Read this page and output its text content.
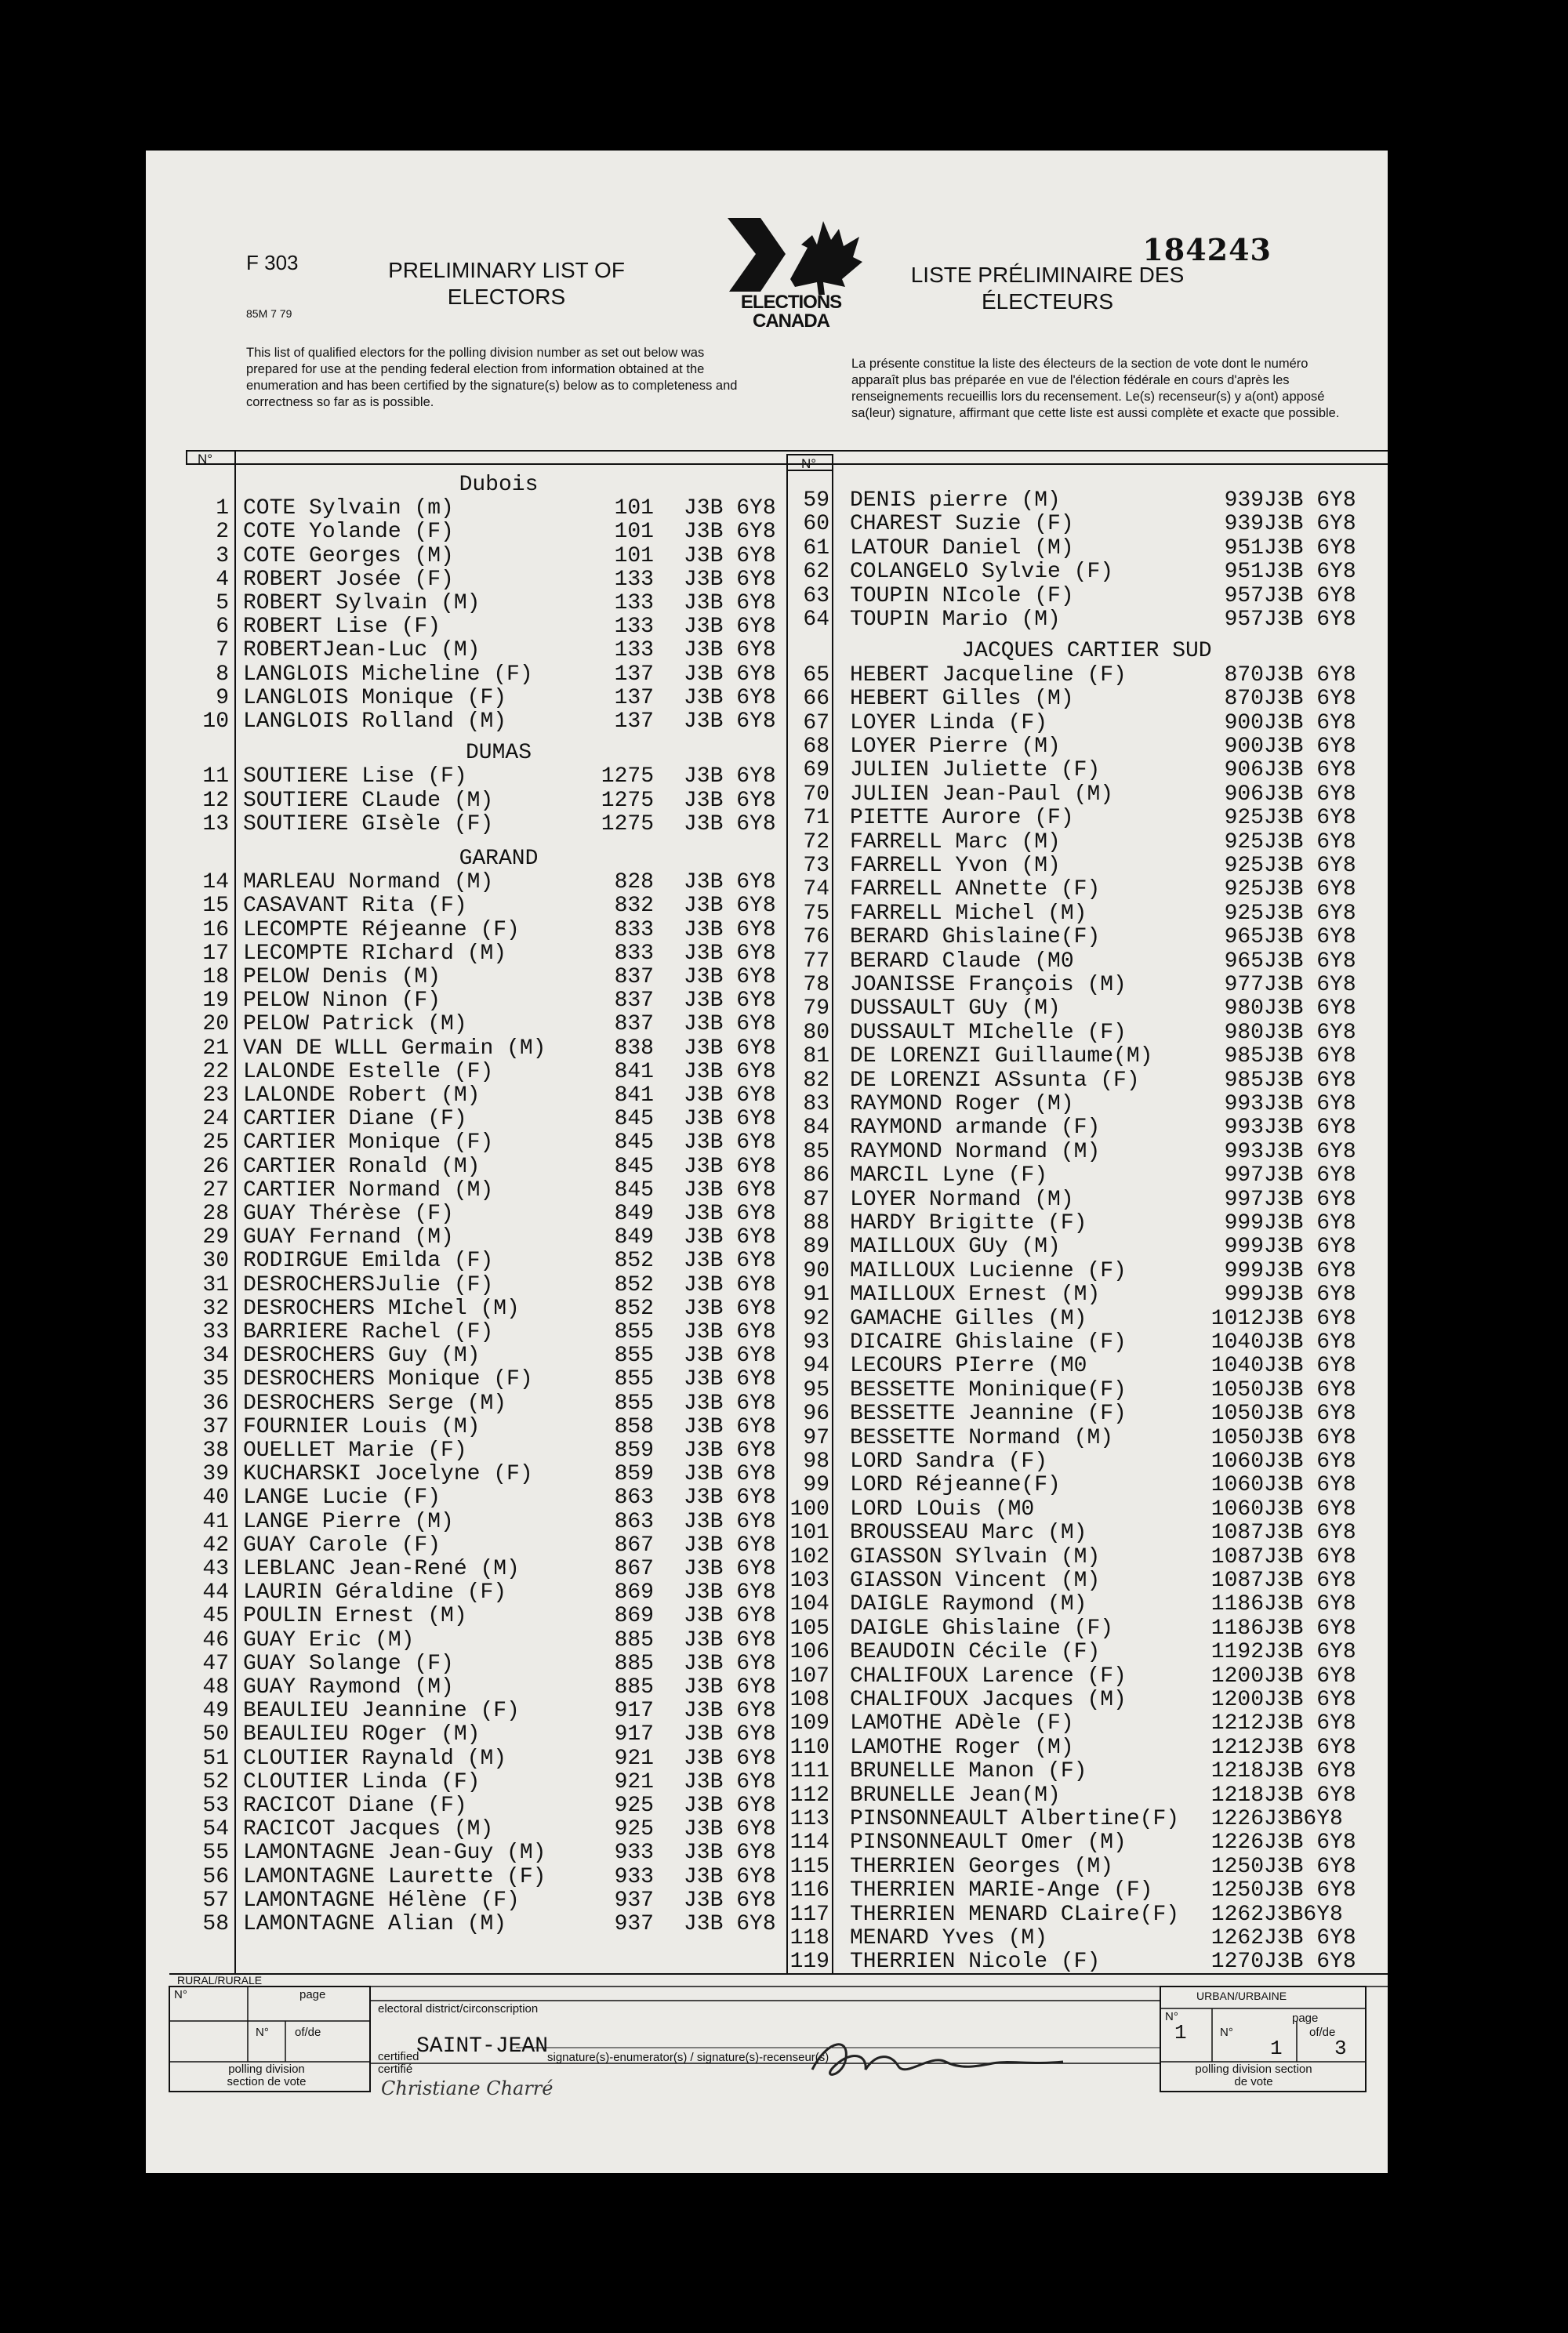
F 303
85M 7 79
PRELIMINARY LIST OF ELECTORS
LISTE PRÉLIMINAIRE DES ÉLECTEURS
184243
ELECTIONS
CANADA
This list of qualified electors for the polling division number as set out below was prepared for use at the pending federal election from information obtained at the enumeration and has been certified by the signature(s) below as to completeness and correctness so far as is possible.
La présente constitue la liste des électeurs de la section de vote dont le numéro apparaît plus bas préparée en vue de l'élection fédérale en cours d'après les renseignements recueillis lors du recensement. Le(s) recenseur(s) y a(ont) apposé sa(leur) signature, affirmant que cette liste est aussi complète et exacte que possible.
N°	N°
Dubois
1 COTE Sylvain (m)	101 J3B 6Y8
2 COTE Yolande (F)	101 J3B 6Y8
3 COTE Georges (M)	101 J3B 6Y8
4 ROBERT Josée (F)	133 J3B 6Y8
5 ROBERT Sylvain (M)	133 J3B 6Y8
6 ROBERT Lise (F)	133 J3B 6Y8
7 ROBERTJean-Luc (M)	133 J3B 6Y8
8 LANGLOIS Micheline (F)	137 J3B 6Y8
9 LANGLOIS Monique (F)	137 J3B 6Y8
10 LANGLOIS Rolland (M)	137 J3B 6Y8
DUMAS
11 SOUTIERE Lise (F)	1275 J3B 6Y8
12 SOUTIERE CLaude (M)	1275 J3B 6Y8
13 SOUTIERE GIsèle (F)	1275 J3B 6Y8
GARAND
14 MARLEAU Normand (M)	828 J3B 6Y8
15 CASAVANT Rita (F)	832 J3B 6Y8
16 LECOMPTE Réjeanne (F)	833 J3B 6Y8
17 LECOMPTE RIchard (M)	833 J3B 6Y8
18 PELOW Denis (M)	837 J3B 6Y8
19 PELOW Ninon (F)	837 J3B 6Y8
20 PELOW Patrick (M)	837 J3B 6Y8
21 VAN DE WLLL Germain (M)	838 J3B 6Y8
22 LALONDE Estelle (F)	841 J3B 6Y8
23 LALONDE Robert (M)	841 J3B 6Y8
24 CARTIER Diane (F)	845 J3B 6Y8
25 CARTIER Monique (F)	845 J3B 6Y8
26 CARTIER Ronald (M)	845 J3B 6Y8
27 CARTIER Normand (M)	845 J3B 6Y8
28 GUAY Thérèse (F)	849 J3B 6Y8
29 GUAY Fernand (M)	849 J3B 6Y8
30 RODIRGUE Emilda (F)	852 J3B 6Y8
31 DESROCHERSJulie (F)	852 J3B 6Y8
32 DESROCHERS MIchel (M)	852 J3B 6Y8
33 BARRIERE Rachel (F)	855 J3B 6Y8
34 DESROCHERS Guy (M)	855 J3B 6Y8
35 DESROCHERS Monique (F)	855 J3B 6Y8
36 DESROCHERS Serge (M)	855 J3B 6Y8
37 FOURNIER Louis (M)	858 J3B 6Y8
38 OUELLET Marie (F)	859 J3B 6Y8
39 KUCHARSKI Jocelyne (F)	859 J3B 6Y8
40 LANGE Lucie (F)	863 J3B 6Y8
41 LANGE Pierre (M)	863 J3B 6Y8
42 GUAY Carole (F)	867 J3B 6Y8
43 LEBLANC Jean-René (M)	867 J3B 6Y8
44 LAURIN Géraldine (F)	869 J3B 6Y8
45 POULIN Ernest (M)	869 J3B 6Y8
46 GUAY Eric (M)	885 J3B 6Y8
47 GUAY Solange (F)	885 J3B 6Y8
48 GUAY Raymond (M)	885 J3B 6Y8
49 BEAULIEU Jeannine (F)	917 J3B 6Y8
50 BEAULIEU ROger (M)	917 J3B 6Y8
51 CLOUTIER Raynald (M)	921 J3B 6Y8
52 CLOUTIER Linda (F)	921 J3B 6Y8
53 RACICOT Diane (F)	925 J3B 6Y8
54 RACICOT Jacques (M)	925 J3B 6Y8
55 LAMONTAGNE Jean-Guy (M)	933 J3B 6Y8
56 LAMONTAGNE Laurette (F)	933 J3B 6Y8
57 LAMONTAGNE Hélène (F)	937 J3B 6Y8
58 LAMONTAGNE Alian (M)	937 J3B 6Y8
59 DENIS pierre (M)	939 J3B 6Y8
60 CHAREST Suzie (F)	939 J3B 6Y8
61 LATOUR Daniel (M)	951 J3B 6Y8
62 COLANGELO Sylvie (F)	951 J3B 6Y8
63 TOUPIN NIcole (F)	957 J3B 6Y8
64 TOUPIN Mario (M)	957 J3B 6Y8
JACQUES CARTIER SUD
65 HEBERT Jacqueline (F)	870 J3B 6Y8
66 HEBERT Gilles (M)	870 J3B 6Y8
67 LOYER Linda (F)	900 J3B 6Y8
68 LOYER Pierre (M)	900 J3B 6Y8
69 JULIEN Juliette (F)	906 J3B 6Y8
70 JULIEN Jean-Paul (M)	906 J3B 6Y8
71 PIETTE Aurore (F)	925 J3B 6Y8
72 FARRELL Marc (M)	925 J3B 6Y8
73 FARRELL Yvon (M)	925 J3B 6Y8
74 FARRELL ANnette (F)	925 J3B 6Y8
75 FARRELL Michel (M)	925 J3B 6Y8
76 BERARD Ghislaine(F)	965 J3B 6Y8
77 BERARD Claude (M0	965 J3B 6Y8
78 JOANISSE François (M)	977 J3B 6Y8
79 DUSSAULT GUy (M)	980 J3B 6Y8
80 DUSSAULT MIchelle (F)	980 J3B 6Y8
81 DE LORENZI Guillaume(M)	985 J3B 6Y8
82 DE LORENZI ASsunta (F)	985 J3B 6Y8
83 RAYMOND Roger (M)	993 J3B 6Y8
84 RAYMOND armande (F)	993 J3B 6Y8
85 RAYMOND Normand (M)	993 J3B 6Y8
86 MARCIL Lyne (F)	997 J3B 6Y8
87 LOYER Normand (M)	997 J3B 6Y8
88 HARDY Brigitte (F)	999 J3B 6Y8
89 MAILLOUX GUy (M)	999 J3B 6Y8
90 MAILLOUX Lucienne (F)	999 J3B 6Y8
91 MAILLOUX Ernest (M)	999 J3B 6Y8
92 GAMACHE Gilles (M)	1012 J3B 6Y8
93 DICAIRE Ghislaine (F)	1040 J3B 6Y8
94 LECOURS PIerre (M0	1040 J3B 6Y8
95 BESSETTE Moninique(F)	1050 J3B 6Y8
96 BESSETTE Jeannine (F)	1050 J3B 6Y8
97 BESSETTE Normand (M)	1050 J3B 6Y8
98 LORD Sandra (F)	1060 J3B 6Y8
99 LORD Réjeanne(F)	1060 J3B 6Y8
100 LORD LOuis (M0	1060 J3B 6Y8
101 BROUSSEAU Marc (M)	1087 J3B 6Y8
102 GIASSON SYlvain (M)	1087 J3B 6Y8
103 GIASSON Vincent (M)	1087 J3B 6Y8
104 DAIGLE Raymond (M)	1186 J3B 6Y8
105 DAIGLE Ghislaine (F)	1186 J3B 6Y8
106 BEAUDOIN Cécile (F)	1192 J3B 6Y8
107 CHALIFOUX Larence (F)	1200 J3B 6Y8
108 CHALIFOUX Jacques (M)	1200 J3B 6Y8
109 LAMOTHE ADèle (F)	1212 J3B 6Y8
110 LAMOTHE Roger (M)	1212 J3B 6Y8
111 BRUNELLE Manon (F)	1218 J3B 6Y8
112 BRUNELLE Jean(M)	1218 J3B 6Y8
113 PINSONNEAULT Albertine(F)	1226 J3B6Y8
114 PINSONNEAULT Omer (M)	1226 J3B 6Y8
115 THERRIEN Georges (M)	1250 J3B 6Y8
116 THERRIEN MARIE-Ange (F)	1250 J3B 6Y8
117 THERRIEN MENARD CLaire(F)	1262 J3B6Y8
118 MENARD Yves (M)	1262 J3B 6Y8
119 THERRIEN Nicole (F)	1270 J3B 6Y8
RURAL/RURALE
N°	page
N° of/de
polling division section de vote
electoral district/circonscription
SAINT-JEAN
certified certifié
signature(s)-enumerator(s) / signature(s)-recenseur(s)
Christiane Charré
URBAN/URBAINE
N°
1
page
N°
1
of/de
3
polling division section de vote
